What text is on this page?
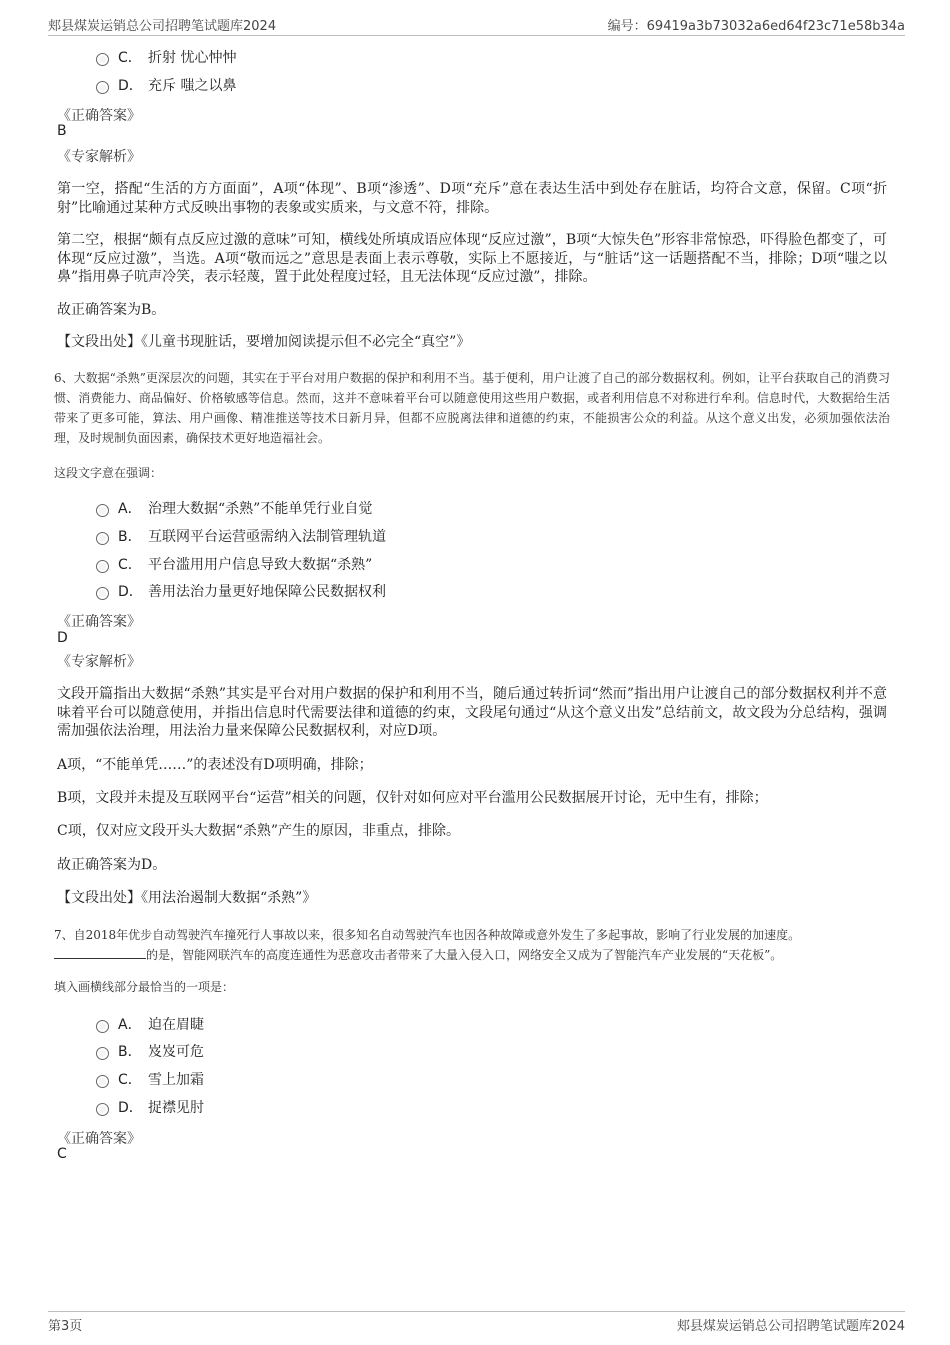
郏县煤炭运销总公司招聘笔试题库2024	编号：69419a3b73032a6ed64f23c71e58b34a
C． 折射 忧心忡忡
D． 充斥 嗤之以鼻
《正确答案》
B
《专家解析》
第一空，搭配“生活的方方面面”，A项“体现”、B项“渗透”、D项“充斥”意在表达生活中到处存在脏话，均符合文意，保留。C项“折射”比喻通过某种方式反映出事物的表象或实质来，与文意不符，排除。
第二空，根据“颇有点反应过激的意味”可知，横线处所填成语应体现“反应过激”，B项“大惊失色”形容非常惊恐，吓得脸色都变了，可体现“反应过激”，当选。A项“敬而远之”意思是表面上表示尊敬，实际上不愿接近，与“脏话”这一话题搭配不当，排除；D项“嗤之以鼻”指用鼻子吭声冷笑，表示轻蔑，置于此处程度过轻，且无法体现“反应过激”，排除。
故正确答案为B。
【文段出处】《儿童书现脏话，要增加阅读提示但不必完全“真空”》
6、大数据“杀熟”更深层次的问题，其实在于平台对用户数据的保护和利用不当。基于便利，用户让渡了自己的部分数据权利。例如，让平台获取自己的消费习惯、消费能力、商品偏好、价格敏感等信息。然而，这并不意味着平台可以随意使用这些用户数据，或者利用信息不对称进行牟利。信息时代，大数据给生活带来了更多可能，算法、用户画像、精准推送等技术日新月异，但都不应脱离法律和道德的约束，不能损害公众的利益。从这个意义出发，必须加强依法治理，及时规制负面因素，确保技术更好地造福社会。
这段文字意在强调：
A． 治理大数据“杀熟”不能单凭行业自觉
B． 互联网平台运营亟需纳入法制管理轨道
C． 平台滥用用户信息导致大数据“杀熟”
D． 善用法治力量更好地保障公民数据权利
《正确答案》
D
《专家解析》
文段开篇指出大数据“杀熟”其实是平台对用户数据的保护和利用不当，随后通过转折词“然而”指出用户让渡自己的部分数据权利并不意味着平台可以随意使用，并指出信息时代需要法律和道德的约束，文段尾句通过“从这个意义出发”总结前文，故文段为分总结构，强调需加强依法治理，用法治力量来保障公民数据权利，对应D项。
A项，“不能单凭……”的表述没有D项明确，排除；
B项，文段并未提及互联网平台“运营”相关的问题，仅针对如何应对平台滥用公民数据展开讨论，无中生有，排除；
C项，仅对应文段开头大数据“杀熟”产生的原因，非重点，排除。
故正确答案为D。
【文段出处】《用法治遏制大数据“杀熟”》
7、自2018年优步自动驾驶汽车撞死行人事故以来，很多知名自动驾驶汽车也因各种故障或意外发生了多起事故，影响了行业发展的加速度。
的是，智能网联汽车的高度连通性为恶意攻击者带来了大量入侵入口，网络安全又成为了智能汽车产业发展的“天花板”。
填入画横线部分最恰当的一项是：
A． 迫在眉睫
B． 岌岌可危
C． 雪上加霜
D． 捉襟见肘
《正确答案》
C
第3页	郏县煤炭运销总公司招聘笔试题库2024
